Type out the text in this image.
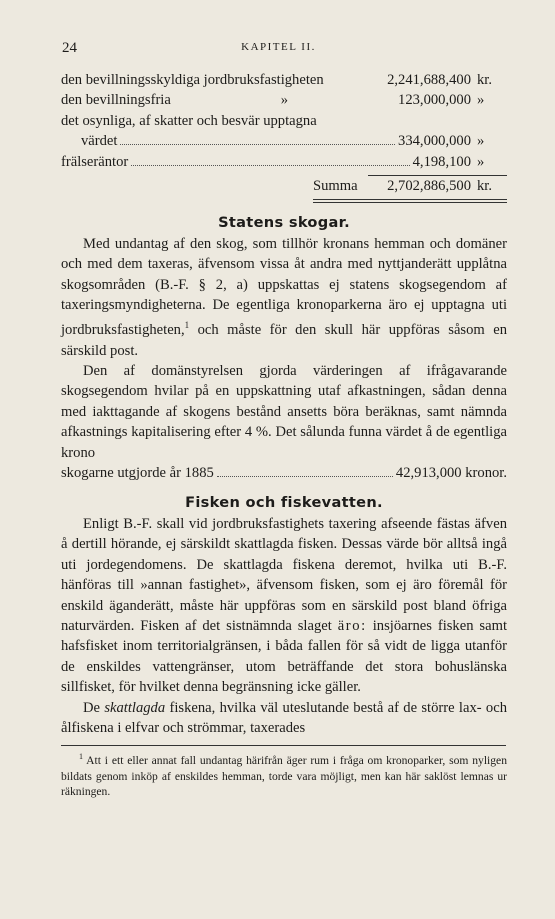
24	KAPITEL II.
den bevillningsskyldiga jordbruksfastigheten	2,241,688,400 kr.
den bevillningsfria	»	123,000,000 »
det osynliga, af skatter och besvär upptagna
värdet	334,000,000 »
frälseräntor	4,198,100 »
Summa 2,702,886,500 kr.
Statens skogar.

Med undantag af den skog, som tillhör kronans hemman och domäner och med dem taxeras, äfvensom vissa åt andra med nyttjanderätt upplåtna skogsområden (B.-F. § 2, a) uppskattas ej statens skogsegendom af taxeringsmyndigheterna. De egentliga kronoparkerna äro ej upptagna uti jordbruksfastigheten,$^1$ och måste för den skull här uppföras såsom en särskild post.

Den af domänstyrelsen gjorda värderingen af ifrågavarande skogsegendom hvilar på en uppskattning utaf afkastningen, sådan denna med iakttagande af skogens bestånd ansetts böra beräknas, samt nämnda afkastnings kapitalisering efter 4 %. Det sålunda funna värdet å de egentliga krono

skogarne utgjorde år 1885	42,913,000 kronor.
Fisken och fiskevatten.

Enligt B.-F. skall vid jordbruksfastighets taxering afseende fästas äfven å dertill hörande, ej särskildt skattlagda fisken. Dessas värde bör alltså ingå uti jordegendomens. De skattlagda fiskena deremot, hvilka uti B.-F. hänföras till »annan fastighet», äfvensom fisken, som ej äro föremål för enskild äganderätt, måste här uppföras som en särskild post bland öfriga naturvärden. Fisken af det sistnämnda slaget äro: insjöarnes fisken samt hafsfisket inom territorialgränsen, i båda fallen för så vidt de ligga utanför de enskildes vattengränser, utom beträffande det stora bohuslänska sillfisket, för hvilket denna begränsning icke gäller.

De skattlagda fiskena, hvilka väl uteslutande bestå af de större lax- och ålfiskena i elfvar och strömmar, taxerades

$^1$ Att i ett eller annat fall undantag härifrån äger rum i fråga om kronoparker, som nyligen bildats genom inköp af enskildes hemman, torde vara möjligt, men kan här saklöst lemnas ur räkningen.
